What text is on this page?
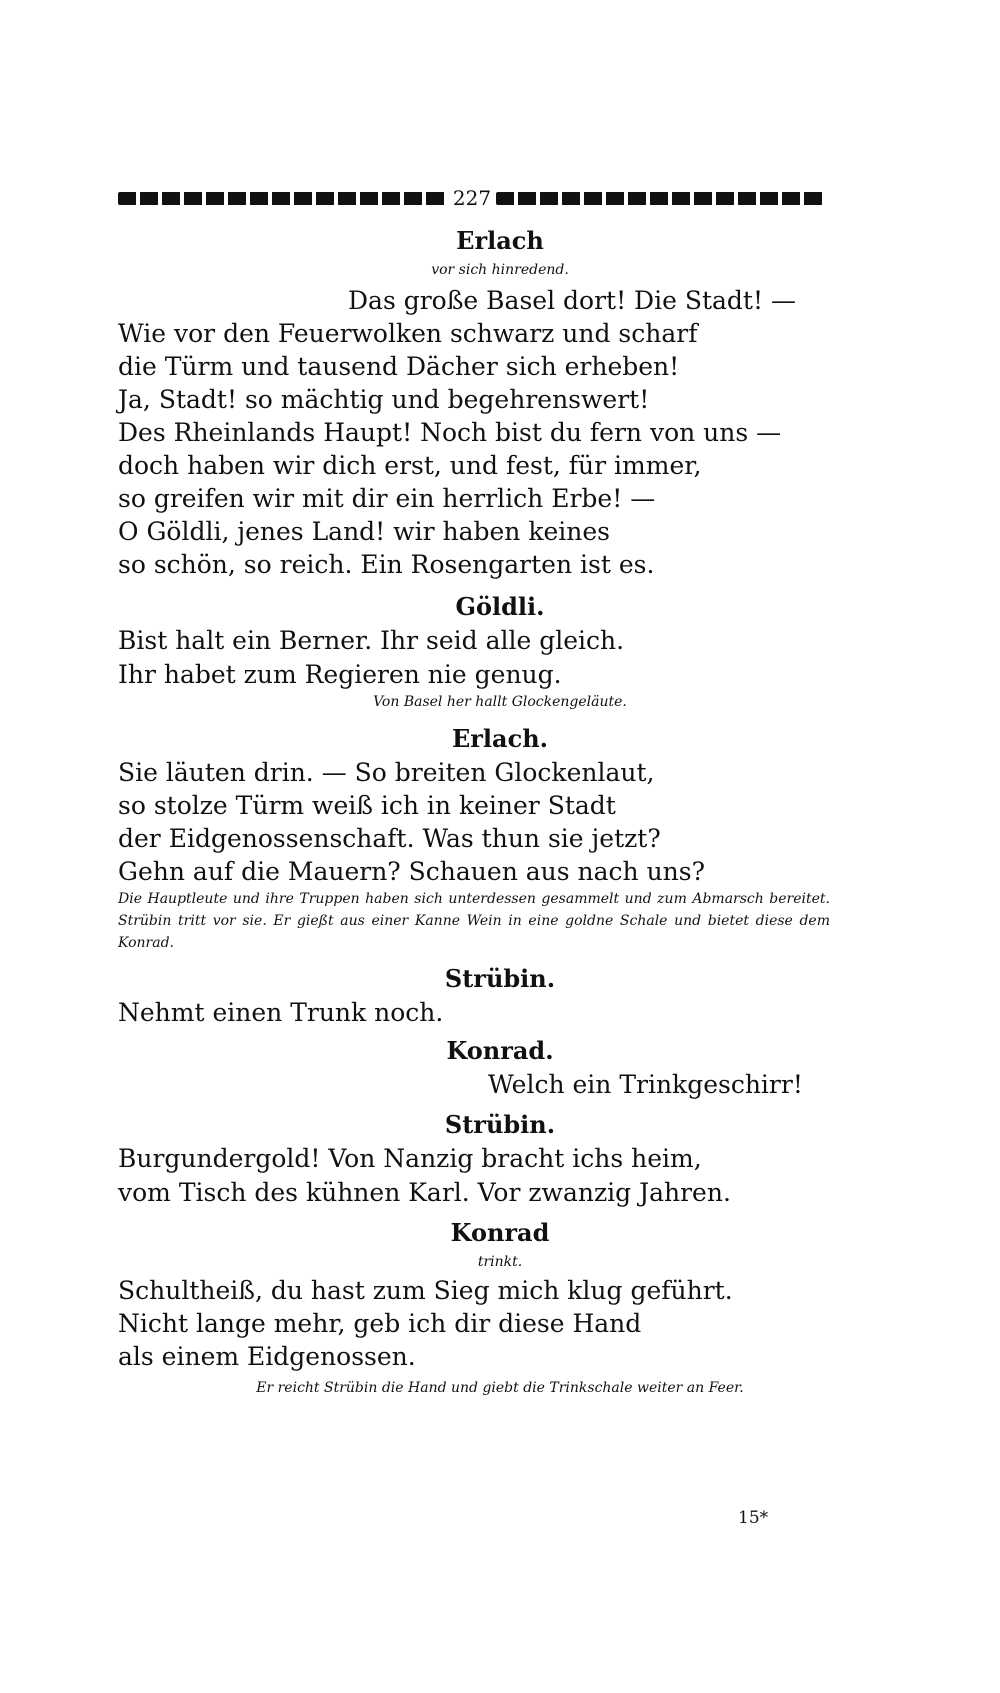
227
Erlach
vor sich hinredend.
Das große Basel dort! Die Stadt! —
Wie vor den Feuerwolken schwarz und scharf
die Türm und tausend Dächer sich erheben!
Ja, Stadt! so mächtig und begehrenswert!
Des Rheinlands Haupt! Noch bist du fern von uns —
doch haben wir dich erst, und fest, für immer,
so greifen wir mit dir ein herrlich Erbe! —
O Göldli, jenes Land! wir haben keines
so schön, so reich. Ein Rosengarten ist es.
Göldli.
Bist halt ein Berner. Ihr seid alle gleich.
Ihr habet zum Regieren nie genug.
Von Basel her hallt Glockengeläute.
Erlach.
Sie läuten drin. — So breiten Glockenlaut,
so stolze Türm weiß ich in keiner Stadt
der Eidgenossenschaft. Was thun sie jetzt?
Gehn auf die Mauern? Schauen aus nach uns?
Die Hauptleute und ihre Truppen haben sich unterdessen gesammelt und zum Abmarsch bereitet. Strübin tritt vor sie. Er gießt aus einer Kanne Wein in eine goldne Schale und bietet diese dem Konrad.
Strübin.
Nehmt einen Trunk noch.
Konrad.
Welch ein Trinkgeschirr!
Strübin.
Burgundergold! Von Nanzig bracht ichs heim,
vom Tisch des kühnen Karl. Vor zwanzig Jahren.
Konrad
trinkt.
Schultheiß, du hast zum Sieg mich klug geführt.
Nicht lange mehr, geb ich dir diese Hand
als einem Eidgenossen.
Er reicht Strübin die Hand und giebt die Trinkschale weiter an Feer.
15*
